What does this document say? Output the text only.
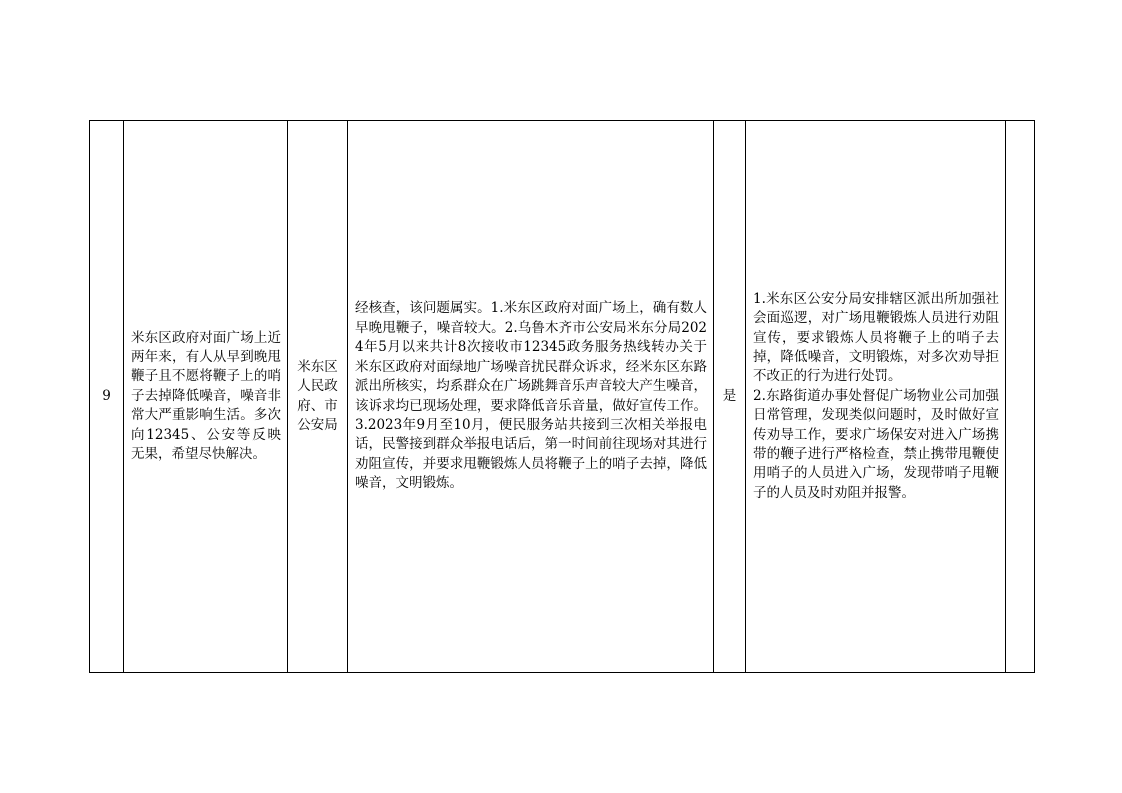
9	米东区政府对面广场上近两年来，有人从早到晚甩鞭子且不愿将鞭子上的哨子去掉降低噪音，噪音非常大严重影响生活。多次向12345、公安等反映无果，希望尽快解决。	米东区人民政府、市公安局	经核查，该问题属实。1.米东区政府对面广场上，确有数人早晚甩鞭子，噪音较大。2.乌鲁木齐市公安局米东分局2024年5月以来共计8次接收市12345政务服务热线转办关于米东区政府对面绿地广场噪音扰民群众诉求，经米东区东路派出所核实，均系群众在广场跳舞音乐声音较大产生噪音，该诉求均已现场处理，要求降低音乐音量，做好宣传工作。3.2023年9月至10月，便民服务站共接到三次相关举报电话，民警接到群众举报电话后，第一时间前往现场对其进行劝阻宣传，并要求甩鞭锻炼人员将鞭子上的哨子去掉，降低噪音，文明锻炼。	是	
1.米东区公安分局安排辖区派出所加强社会面巡逻，对广场甩鞭锻炼人员进行劝阻宣传，要求锻炼人员将鞭子上的哨子去掉，降低噪音，文明锻炼，对多次劝导拒不改正的行为进行处罚。
2.东路街道办事处督促广场物业公司加强日常管理，发现类似问题时，及时做好宣传劝导工作，要求广场保安对进入广场携带的鞭子进行严格检查，禁止携带甩鞭使用哨子的人员进入广场，发现带哨子甩鞭子的人员及时劝阻并报警。
